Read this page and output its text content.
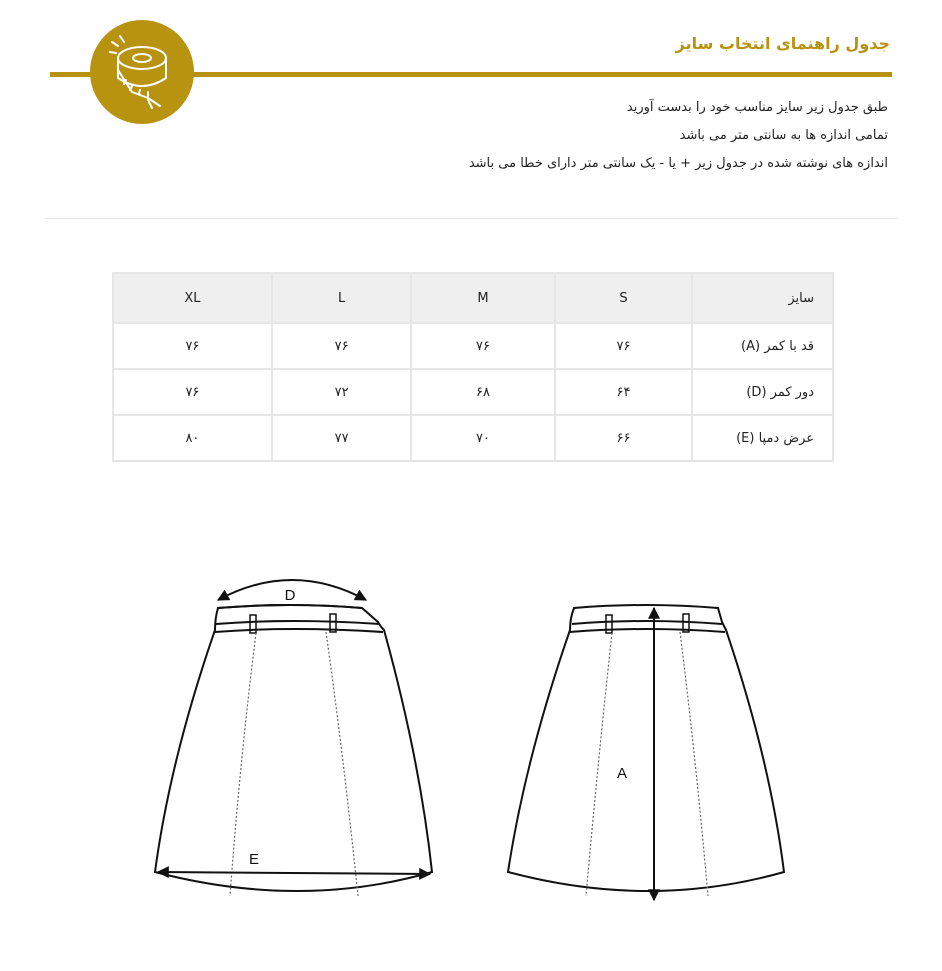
جدول راهنمای انتخاب سایز
طبق جدول زیر سایز مناسب خود را بدست آورید
تمامی اندازه ها به سانتی متر می باشد
اندازه های نوشته شده در جدول زیر + یا - یک سانتی متر دارای خطا می باشد
XL	L	M	S	سایز
۷۶	۷۶	۷۶	۷۶	قد با کمر (A)
۷۶	۷۲	۶۸	۶۴	دور کمر (D)
۸۰	۷۷	۷۰	۶۶	عرض دمپا (E)
D
E
A
